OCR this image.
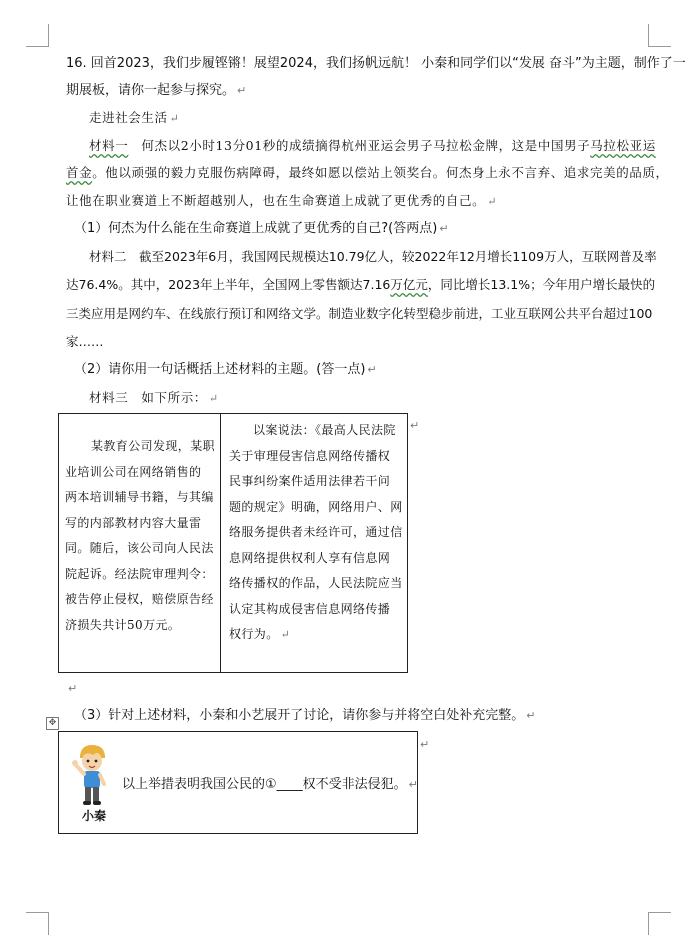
16. 回首2023，我们步履铿锵！展望2024，我们扬帆远航！ 小秦和同学们以“发展 奋斗”为主题，制作了一
期展板，请你一起参与探究。 ↵
走进社会生活 ↵
材料一　 何杰以2小时13分01秒的成绩摘得杭州亚运会男子马拉松金牌，这是中国男子马拉松亚运
首金。他以顽强的毅力克服伤病障碍，最终如愿以偿站上领奖台。何杰身上永不言弃、追求完美的品质，
让他在职业赛道上不断超越别人，也在生命赛道上成就了更优秀的自己。 ↵
（1）何杰为什么能在生命赛道上成就了更优秀的自己?(答两点) ↵
材料二　截至2023年6月，我国网民规模达10.79亿人，较2022年12月增长1109万人，互联网普及率
达76.4%。其中，2023年上半年，全国网上零售额达7.16万亿元，同比增长13.1%；今年用户增长最快的
三类应用是网约车、在线旅行预订和网络文学。制造业数字化转型稳步前进，工业互联网公共平台超过100
家……
（2）请你用一句话概括上述材料的主题。(答一点) ↵
材料三　如下所示： ↵
某教育公司发现，某职
业培训公司在网络销售的
两本培训辅导书籍，与其编
写的内部教材内容大量雷
同。随后，该公司向人民法
院起诉。经法院审理判令：
被告停止侵权，赔偿原告经
济损失共计50万元。
以案说法：《最高人民法院
关于审理侵害信息网络传播权
民事纠纷案件适用法律若干问
题的规定》明确，网络用户、网
络服务提供者未经许可，通过信
息网络提供权利人享有信息网
络传播权的作品，人民法院应当
认定其构成侵害信息网络传播
权行为。 ↵
↵
↵
✥ （3）针对上述材料，小秦和小艺展开了讨论，请你参与并将空白处补充完整。 ↵
小秦
以上举措表明我国公民的①____权不受非法侵犯。 ↵
↵
